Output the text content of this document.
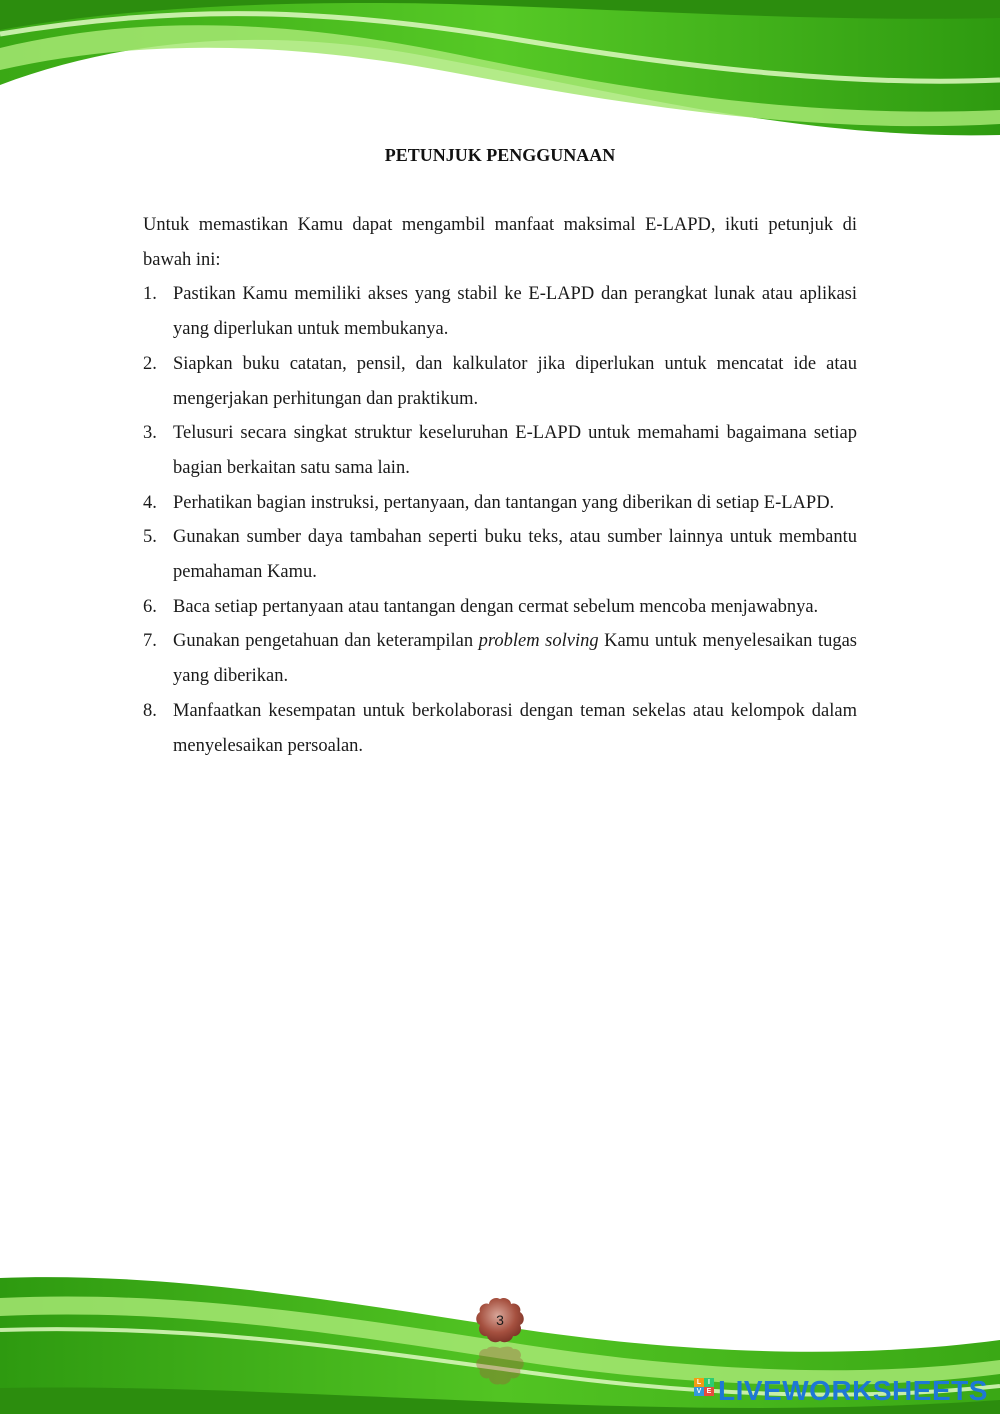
PETUNJUK PENGGUNAAN

Untuk memastikan Kamu dapat mengambil manfaat maksimal E-LAPD, ikuti petunjuk di bawah ini:

1. Pastikan Kamu memiliki akses yang stabil ke E-LAPD dan perangkat lunak atau aplikasi yang diperlukan untuk membukanya.
2. Siapkan buku catatan, pensil, dan kalkulator jika diperlukan untuk mencatat ide atau mengerjakan perhitungan dan praktikum.
3. Telusuri secara singkat struktur keseluruhan E-LAPD untuk memahami bagaimana setiap bagian berkaitan satu sama lain.
4. Perhatikan bagian instruksi, pertanyaan, dan tantangan yang diberikan di setiap E-LAPD.
5. Gunakan sumber daya tambahan seperti buku teks, atau sumber lainnya untuk membantu pemahaman Kamu.
6. Baca setiap pertanyaan atau tantangan dengan cermat sebelum mencoba menjawabnya.
7. Gunakan pengetahuan dan keterampilan problem solving Kamu untuk menyelesaikan tugas yang diberikan.
8. Manfaatkan kesempatan untuk berkolaborasi dengan teman sekelas atau kelompok dalam menyelesaikan persoalan.
3
L I
V E LIVEWORKSHEETS
